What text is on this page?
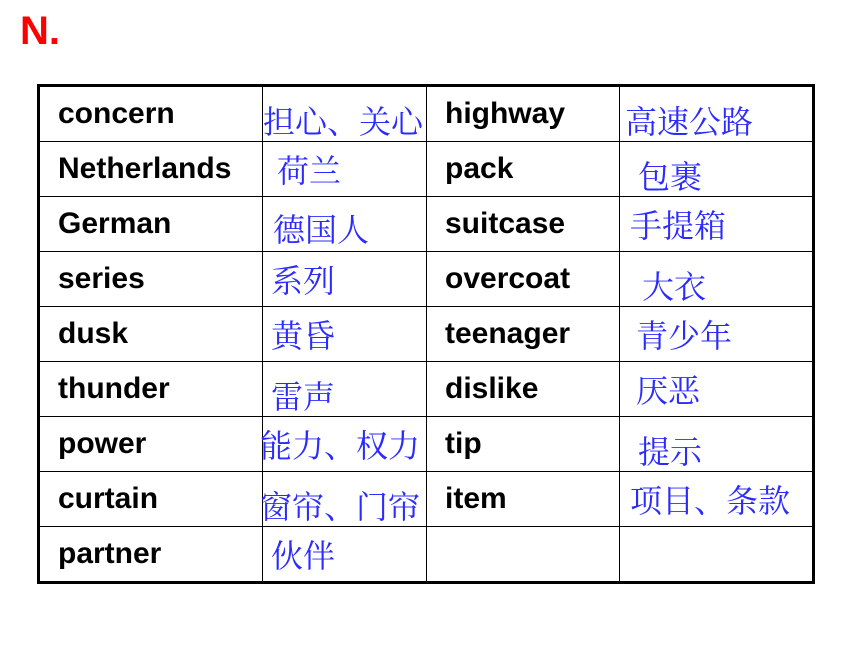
N.
concern	担心、关心	highway	高速公路

Netherlands	荷兰	pack	包裹

German	德国人	suitcase	手提箱

series	系列	overcoat	大衣

dusk	黄昏	teenager	青少年

thunder	雷声	dislike	厌恶

power	能力、权力	tip	提示

curtain	窗帘、门帘	item	项目、条款

partner	伙伴		
